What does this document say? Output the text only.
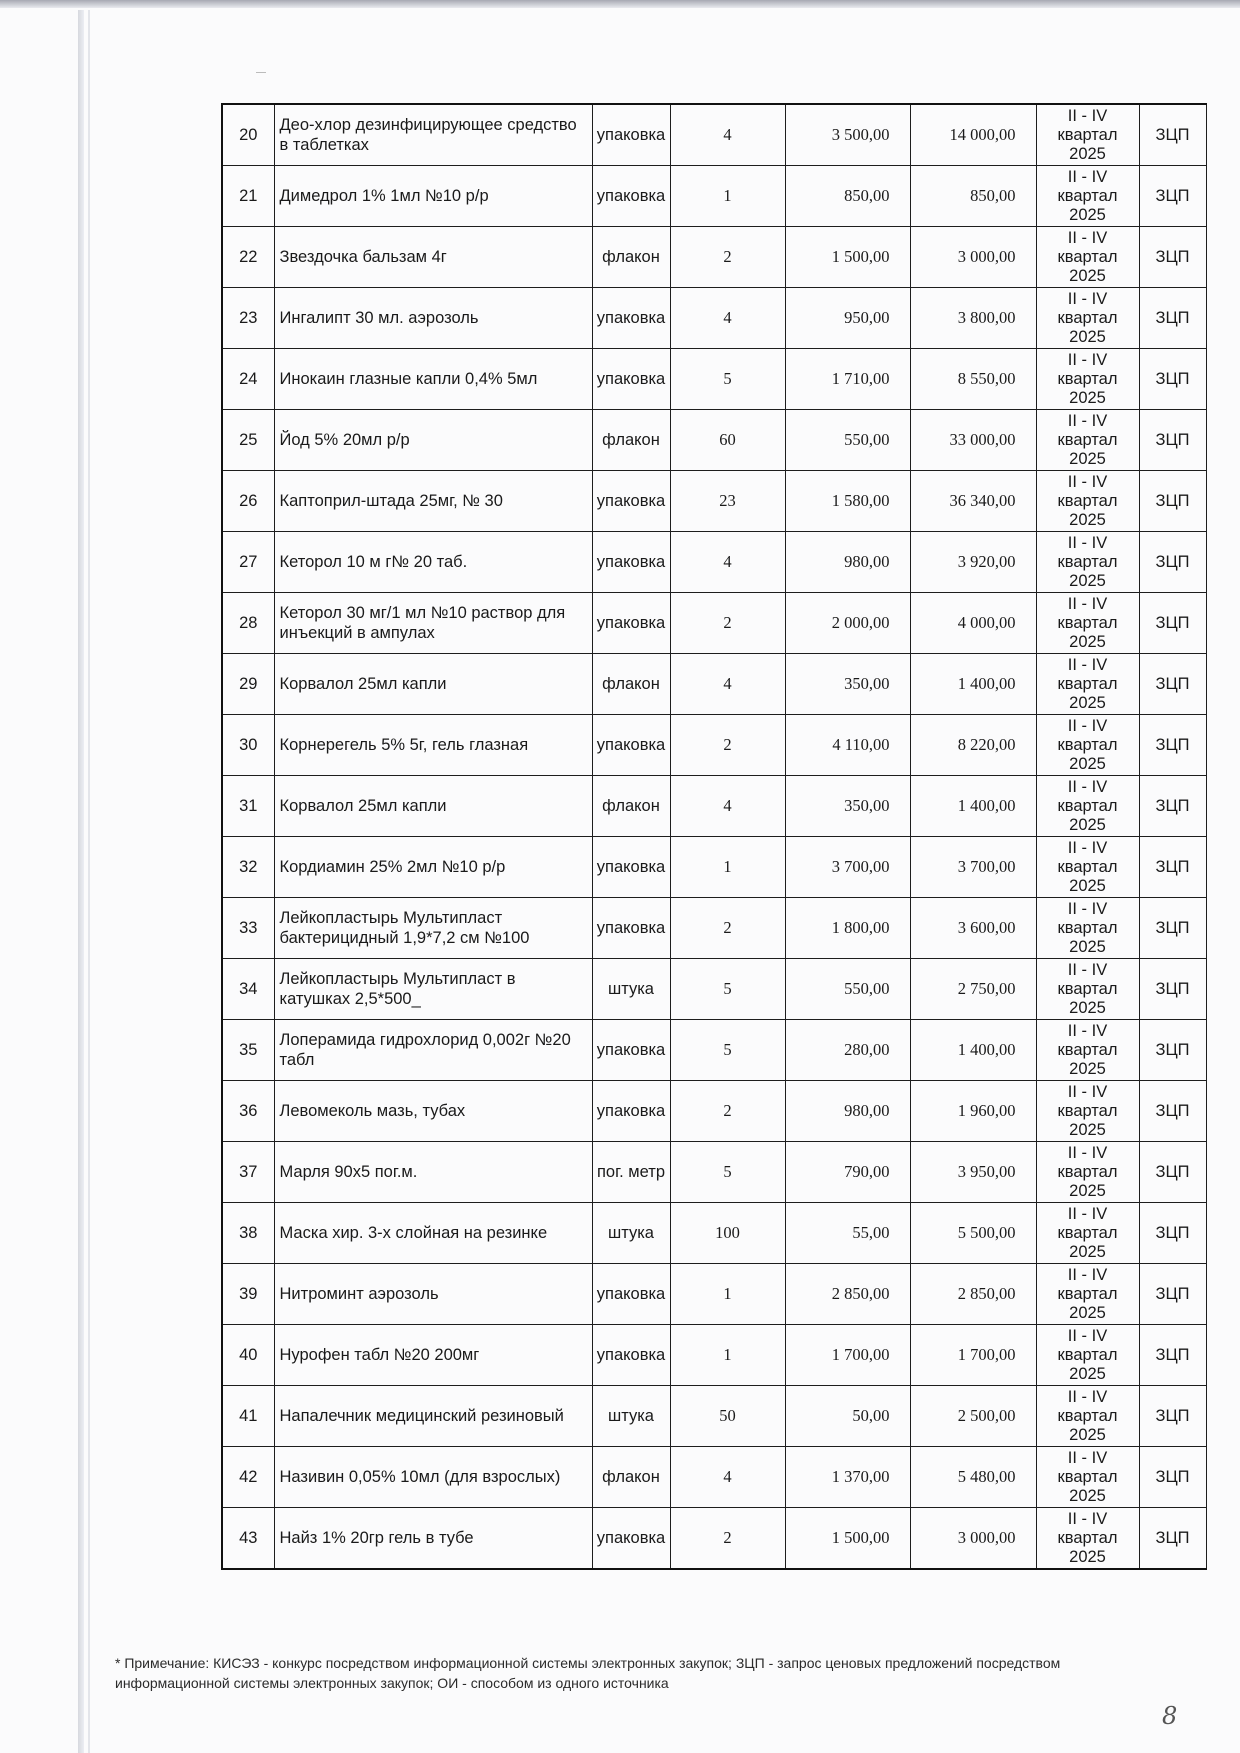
20	Део-хлор дезинфицирующее средство в таблетках	упаковка	4	3 500,00	14 000,00	II - IV
квартал
2025	ЗЦП
21	Димедрол 1% 1мл №10 р/р	упаковка	1	850,00	850,00	II - IV
квартал
2025	ЗЦП
22	Звездочка бальзам 4г	флакон	2	1 500,00	3 000,00	II - IV
квартал
2025	ЗЦП
23	Ингалипт 30 мл. аэрозоль	упаковка	4	950,00	3 800,00	II - IV
квартал
2025	ЗЦП
24	Инокаин глазные капли 0,4% 5мл	упаковка	5	1 710,00	8 550,00	II - IV
квартал
2025	ЗЦП
25	Йод 5% 20мл р/р	флакон	60	550,00	33 000,00	II - IV
квартал
2025	ЗЦП
26	Каптоприл-штада 25мг, № 30	упаковка	23	1 580,00	36 340,00	II - IV
квартал
2025	ЗЦП
27	Кеторол 10 м г№ 20 таб.	упаковка	4	980,00	3 920,00	II - IV
квартал
2025	ЗЦП
28	Кеторол 30 мг/1 мл №10 раствор для инъекций в ампулах	упаковка	2	2 000,00	4 000,00	II - IV
квартал
2025	ЗЦП
29	Корвалол 25мл капли	флакон	4	350,00	1 400,00	II - IV
квартал
2025	ЗЦП
30	Корнерегель 5% 5г, гель глазная	упаковка	2	4 110,00	8 220,00	II - IV
квартал
2025	ЗЦП
31	Корвалол 25мл капли	флакон	4	350,00	1 400,00	II - IV
квартал
2025	ЗЦП
32	Кордиамин 25% 2мл №10 р/р	упаковка	1	3 700,00	3 700,00	II - IV
квартал
2025	ЗЦП
33	Лейкопластырь Мультипласт бактерицидный 1,9*7,2 см №100	упаковка	2	1 800,00	3 600,00	II - IV
квартал
2025	ЗЦП
34	Лейкопластырь Мультипласт в катушках 2,5*500_	штука	5	550,00	2 750,00	II - IV
квартал
2025	ЗЦП
35	Лоперамида гидрохлорид 0,002г №20 табл	упаковка	5	280,00	1 400,00	II - IV
квартал
2025	ЗЦП
36	Левомеколь мазь, тубах	упаковка	2	980,00	1 960,00	II - IV
квартал
2025	ЗЦП
37	Марля 90х5 пог.м.	пог. метр	5	790,00	3 950,00	II - IV
квартал
2025	ЗЦП
38	Маска хир. 3-х слойная на резинке	штука	100	55,00	5 500,00	II - IV
квартал
2025	ЗЦП
39	Нитроминт аэрозоль	упаковка	1	2 850,00	2 850,00	II - IV
квартал
2025	ЗЦП
40	Нурофен табл №20 200мг	упаковка	1	1 700,00	1 700,00	II - IV
квартал
2025	ЗЦП
41	Напалечник медицинский резиновый	штука	50	50,00	2 500,00	II - IV
квартал
2025	ЗЦП
42	Називин 0,05% 10мл (для взрослых)	флакон	4	1 370,00	5 480,00	II - IV
квартал
2025	ЗЦП
43	Найз 1% 20гр гель в тубе	упаковка	2	1 500,00	3 000,00	II - IV
квартал
2025	ЗЦП
* Примечание: КИСЭЗ - конкурс посредством информационной системы электронных закупок; ЗЦП - запрос ценовых предложений посредством
информационной системы электронных закупок; ОИ - способом из одного источника
8
